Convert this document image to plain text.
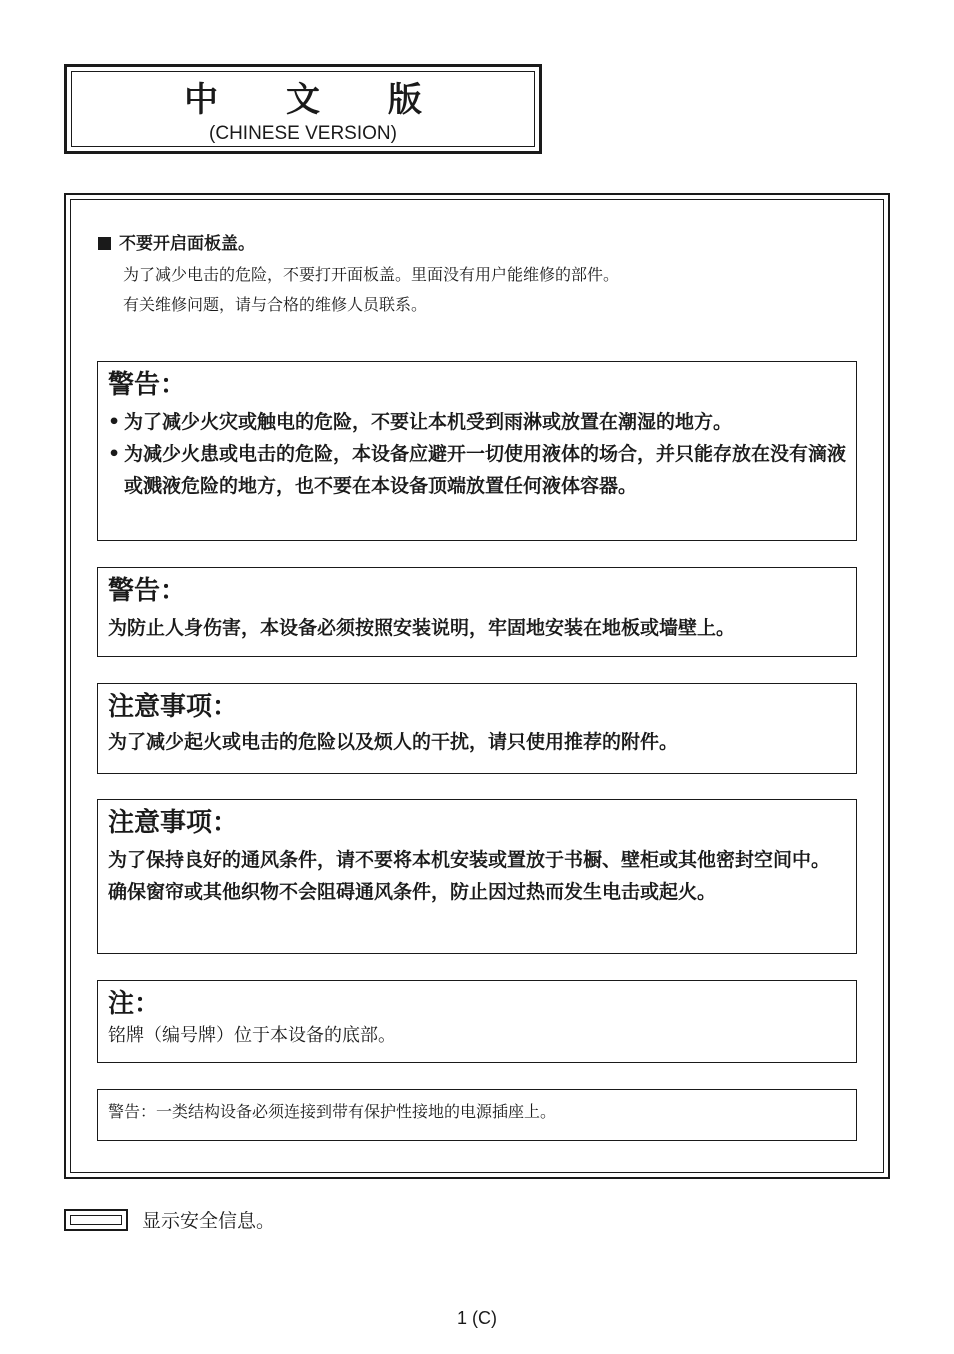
中 文 版
(CHINESE VERSION)
不要开启面板盖。
为了减少电击的危险，不要打开面板盖。里面没有用户能维修的部件。
有关维修问题，请与合格的维修人员联系。
警告：
• 为了减少火灾或触电的危险，不要让本机受到雨淋或放置在潮湿的地方。
• 为减少火患或电击的危险，本设备应避开一切使用液体的场合，并只能存放在没有滴液或溅液危险的地方，也不要在本设备顶端放置任何液体容器。
警告：
为防止人身伤害，本设备必须按照安装说明，牢固地安装在地板或墙壁上。
注意事项：
为了减少起火或电击的危险以及烦人的干扰，请只使用推荐的附件。
注意事项：
为了保持良好的通风条件，请不要将本机安装或置放于书橱、壁柜或其他密封空间中。确保窗帘或其他织物不会阻碍通风条件，防止因过热而发生电击或起火。
注：
铭牌（编号牌）位于本设备的底部。
警告：一类结构设备必须连接到带有保护性接地的电源插座上。
显示安全信息。
1 (C)
